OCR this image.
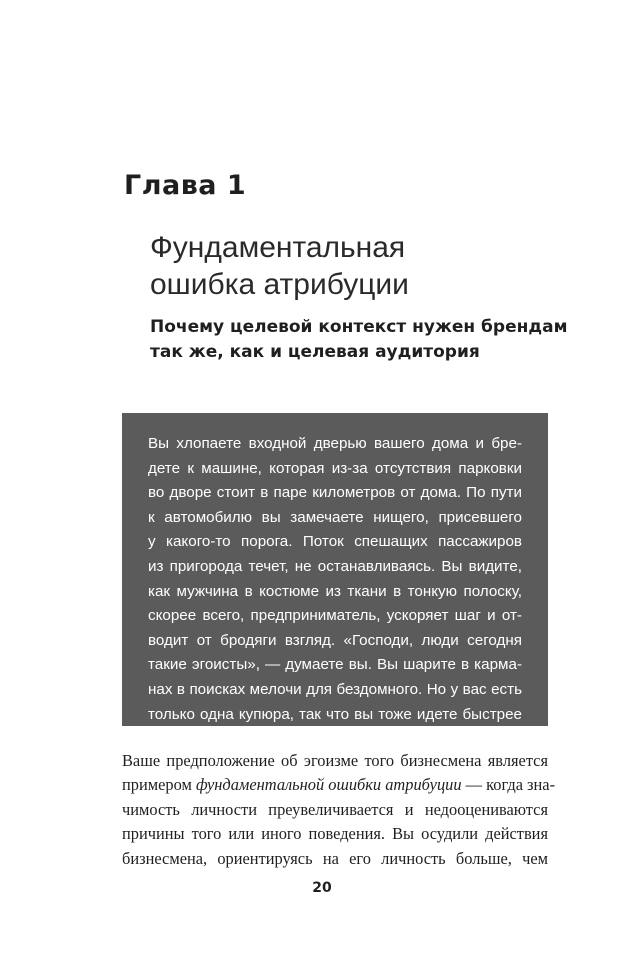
Глава 1
Фундаментальная
ошибка атрибуции
Почему целевой контекст нужен брендам
так же, как и целевая аудитория
Вы хлопаете входной дверью вашего дома и бре-
дете к машине, которая из-за отсутствия парковки
во дворе стоит в паре километров от дома. По пути
к автомобилю вы замечаете нищего, присевшего
у какого-то порога. Поток спешащих пассажиров
из пригорода течет, не останавливаясь. Вы видите,
как мужчина в костюме из ткани в тонкую полоску,
скорее всего, предприниматель, ускоряет шаг и от-
водит от бродяги взгляд. «Господи, люди сегодня
такие эгоисты», — думаете вы. Вы шарите в карма-
нах в поисках мелочи для бездомного. Но у вас есть
только одна купюра, так что вы тоже идете быстрее
и тоже отводите взгляд.
Ваше предположение об эгоизме того бизнесмена является
примером фундаментальной ошибки атрибуции — когда зна-
чимость личности преувеличивается и недооцениваются
причины того или иного поведения. Вы осудили действия
бизнесмена, ориентируясь на его личность больше, чем
20
